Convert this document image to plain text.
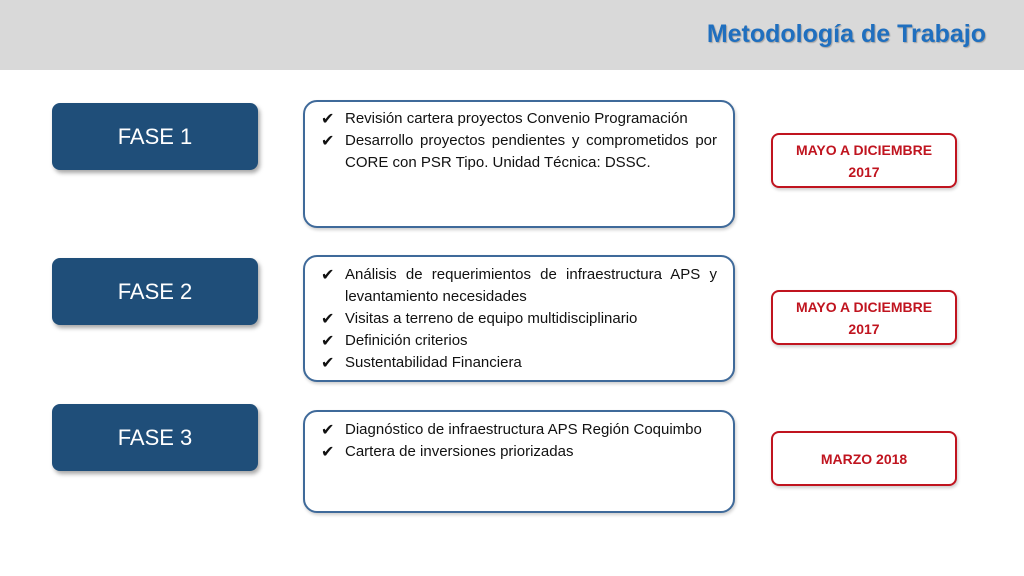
Metodología de Trabajo
FASE 1
✔ Revisión cartera proyectos Convenio Programación
✔ Desarrollo proyectos pendientes y comprometidos por CORE con PSR Tipo. Unidad Técnica: DSSC.
MAYO A DICIEMBRE 2017
FASE 2
✔ Análisis de requerimientos de infraestructura APS y levantamiento necesidades
✔ Visitas a terreno de equipo multidisciplinario
✔ Definición criterios
✔ Sustentabilidad Financiera
MAYO A DICIEMBRE 2017
FASE 3	✔ Diagnóstico de infraestructura APS Región Coquimbo
✔ Cartera de inversiones priorizadas	MARZO 2018
